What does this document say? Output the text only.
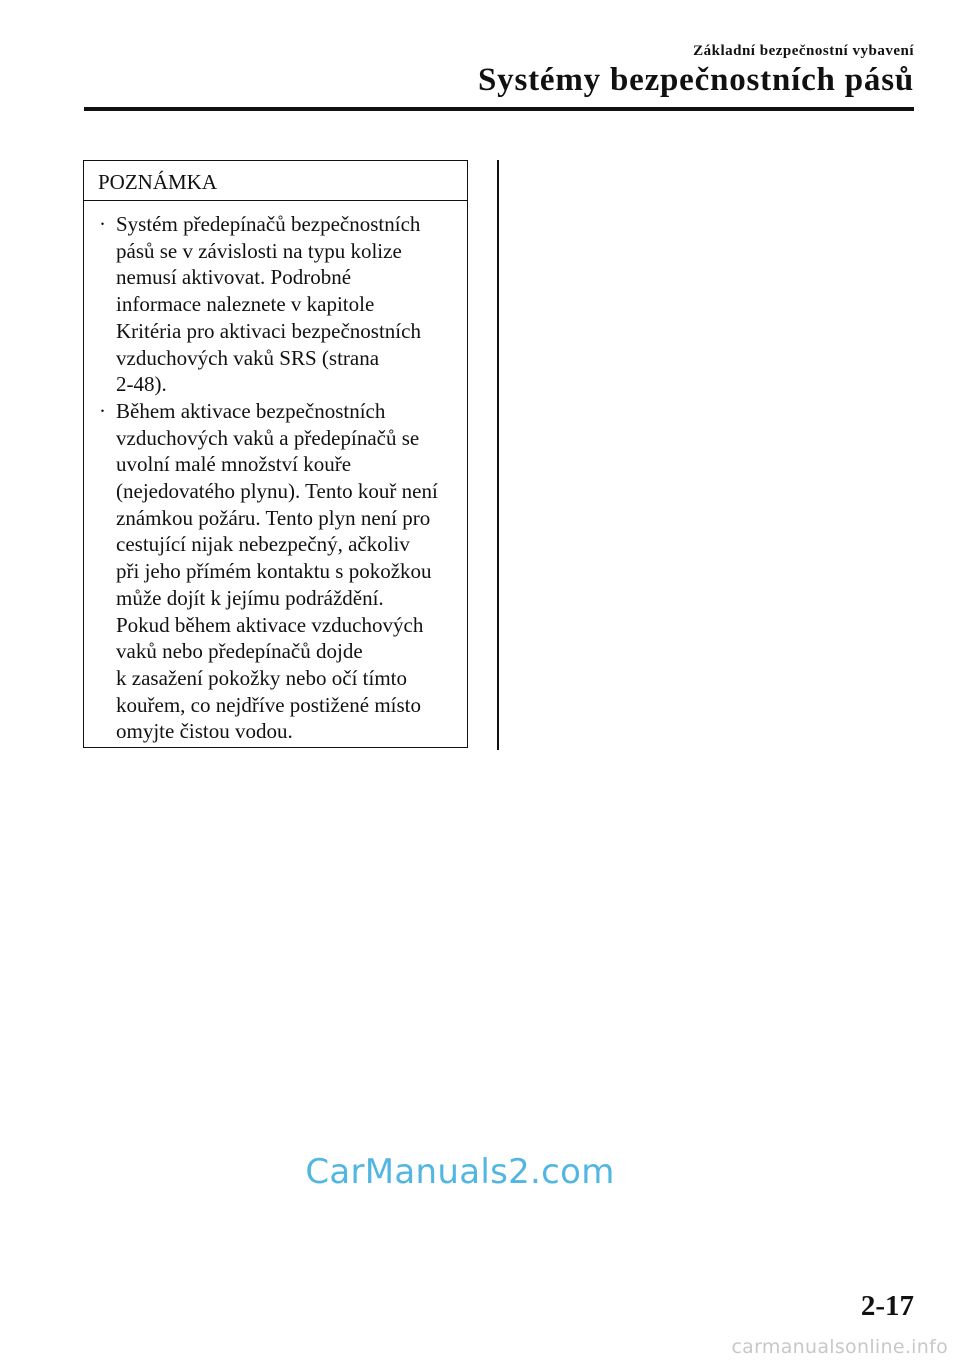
Základní bezpečnostní vybavení
Systémy bezpečnostních pásů
POZNÁMKA
· Systém předepínačů bezpečnostních
pásů se v závislosti na typu kolize
nemusí aktivovat. Podrobné
informace naleznete v kapitole
Kritéria pro aktivaci bezpečnostních
vzduchových vaků SRS (strana
2-48).
· Během aktivace bezpečnostních
vzduchových vaků a předepínačů se
uvolní malé množství kouře
(nejedovatého plynu). Tento kouř není
známkou požáru. Tento plyn není pro
cestující nijak nebezpečný, ačkoliv
při jeho přímém kontaktu s pokožkou
může dojít k jejímu podráždění.
Pokud během aktivace vzduchových
vaků nebo předepínačů dojde
k zasažení pokožky nebo očí tímto
kouřem, co nejdříve postižené místo
omyjte čistou vodou.
CarManuals2.com
2-17
carmanualsonline.info
